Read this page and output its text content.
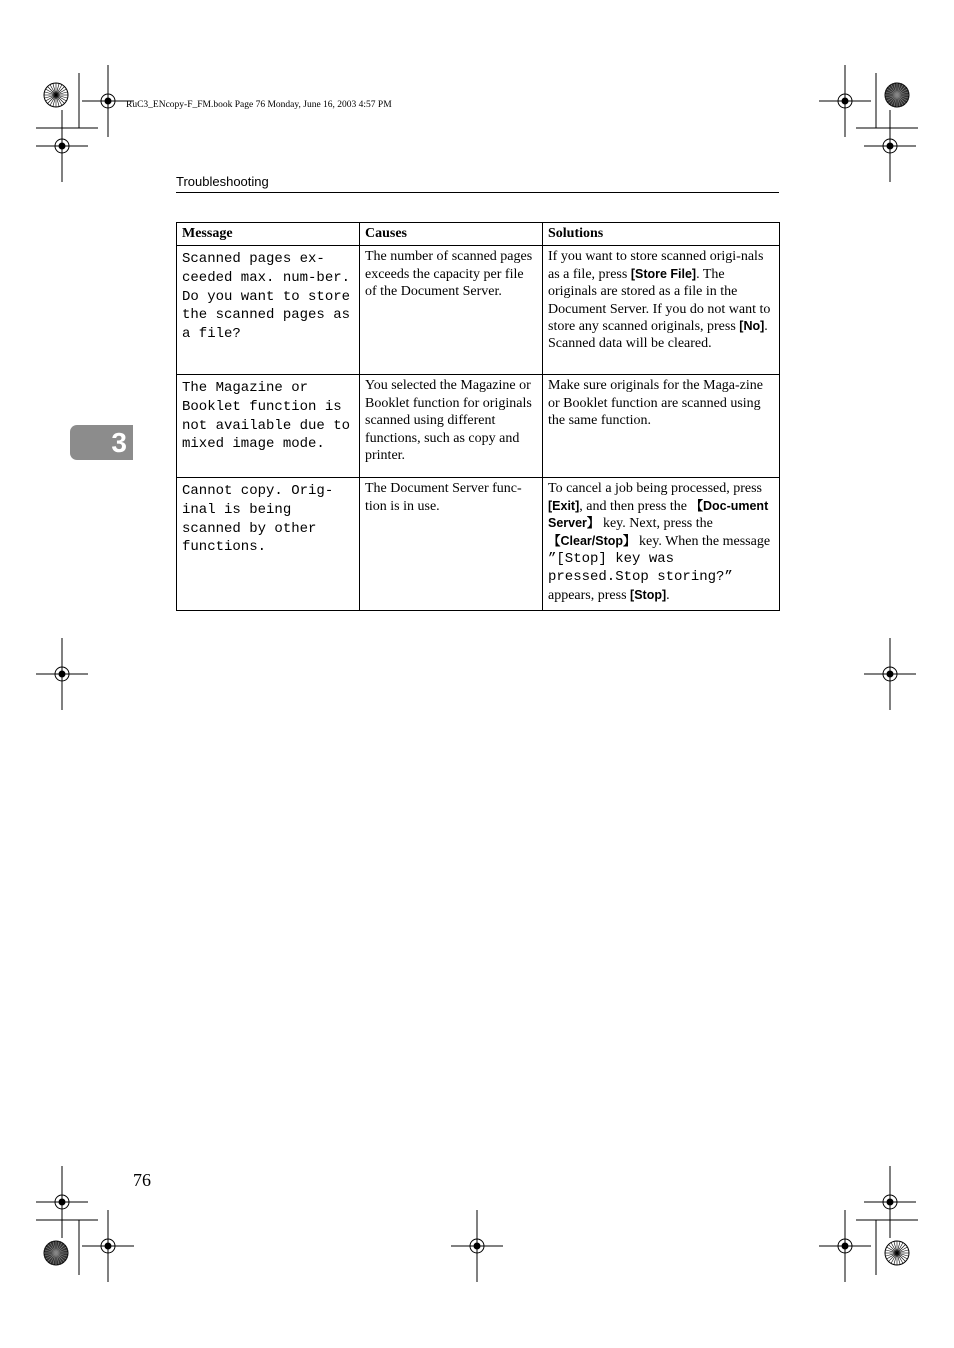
RuC3_ENcopy-F_FM.book Page 76 Monday, June 16, 2003 4:57 PM
Troubleshooting
3
Message	Causes	Solutions
Scanned pages ex-ceeded max. num-ber. Do you want to store the scanned pages as a file?	The number of scanned pages exceeds the capacity per file of the Document Server.	If you want to store scanned origi-nals as a file, press [Store File]. The originals are stored as a file in the Document Server. If you do not want to store any scanned originals, press [No]. Scanned data will be cleared.
The Magazine or Booklet function is not available due to mixed image mode.	You selected the Magazine or Booklet function for originals scanned using different functions, such as copy and printer.	Make sure originals for the Maga-zine or Booklet function are scanned using the same function.
Cannot copy. Orig-inal is being scanned by other functions.	The Document Server func-tion is in use.	To cancel a job being processed, press [Exit], and then press the 【Doc-ument Server】 key. Next, press the 【Clear/Stop】 key. When the message ”[Stop] key was pressed.Stop storing?” appears, press [Stop].
76
